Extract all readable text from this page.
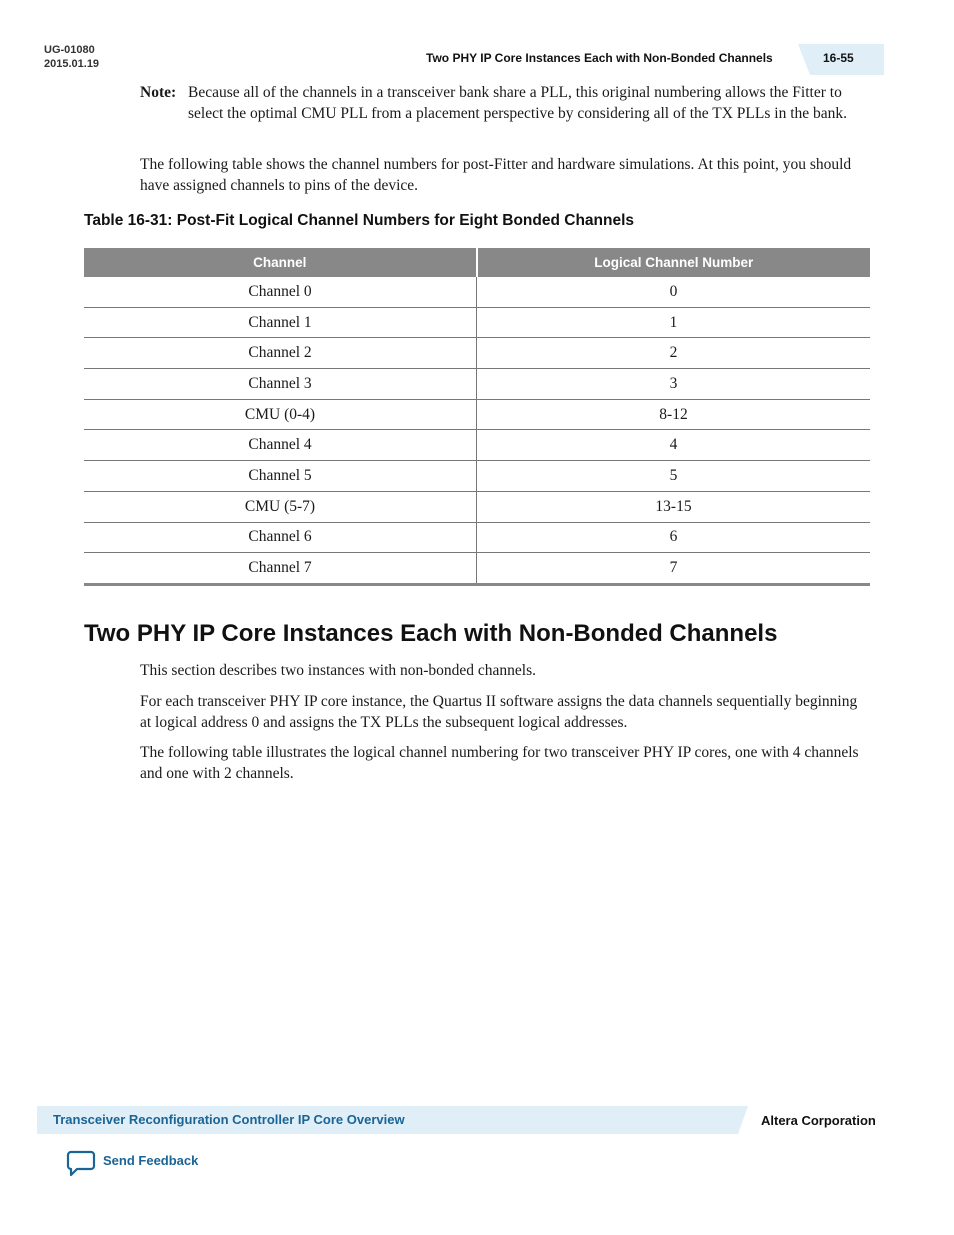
UG-01080
2015.01.19	Two PHY IP Core Instances Each with Non-Bonded Channels	16-55
Note: Because all of the channels in a transceiver bank share a PLL, this original numbering allows the Fitter to select the optimal CMU PLL from a placement perspective by considering all of the TX PLLs in the bank.

The following table shows the channel numbers for post-Fitter and hardware simulations. At this point, you should have assigned channels to pins of the device.

Table 16-31: Post-Fit Logical Channel Numbers for Eight Bonded Channels
Channel	Logical Channel Number
Channel 0	0
Channel 1	1
Channel 2	2
Channel 3	3
CMU (0-4)	8-12
Channel 4	4
Channel 5	5
CMU (5-7)	13-15
Channel 6	6
Channel 7	7
Two PHY IP Core Instances Each with Non-Bonded Channels

This section describes two instances with non-bonded channels.

For each transceiver PHY IP core instance, the Quartus II software assigns the data channels sequentially beginning at logical address 0 and assigns the TX PLLs the subsequent logical addresses.

The following table illustrates the logical channel numbering for two transceiver PHY IP cores, one with 4 channels and one with 2 channels.

Transceiver Reconfiguration Controller IP Core Overview	Altera Corporation
Send Feedback
